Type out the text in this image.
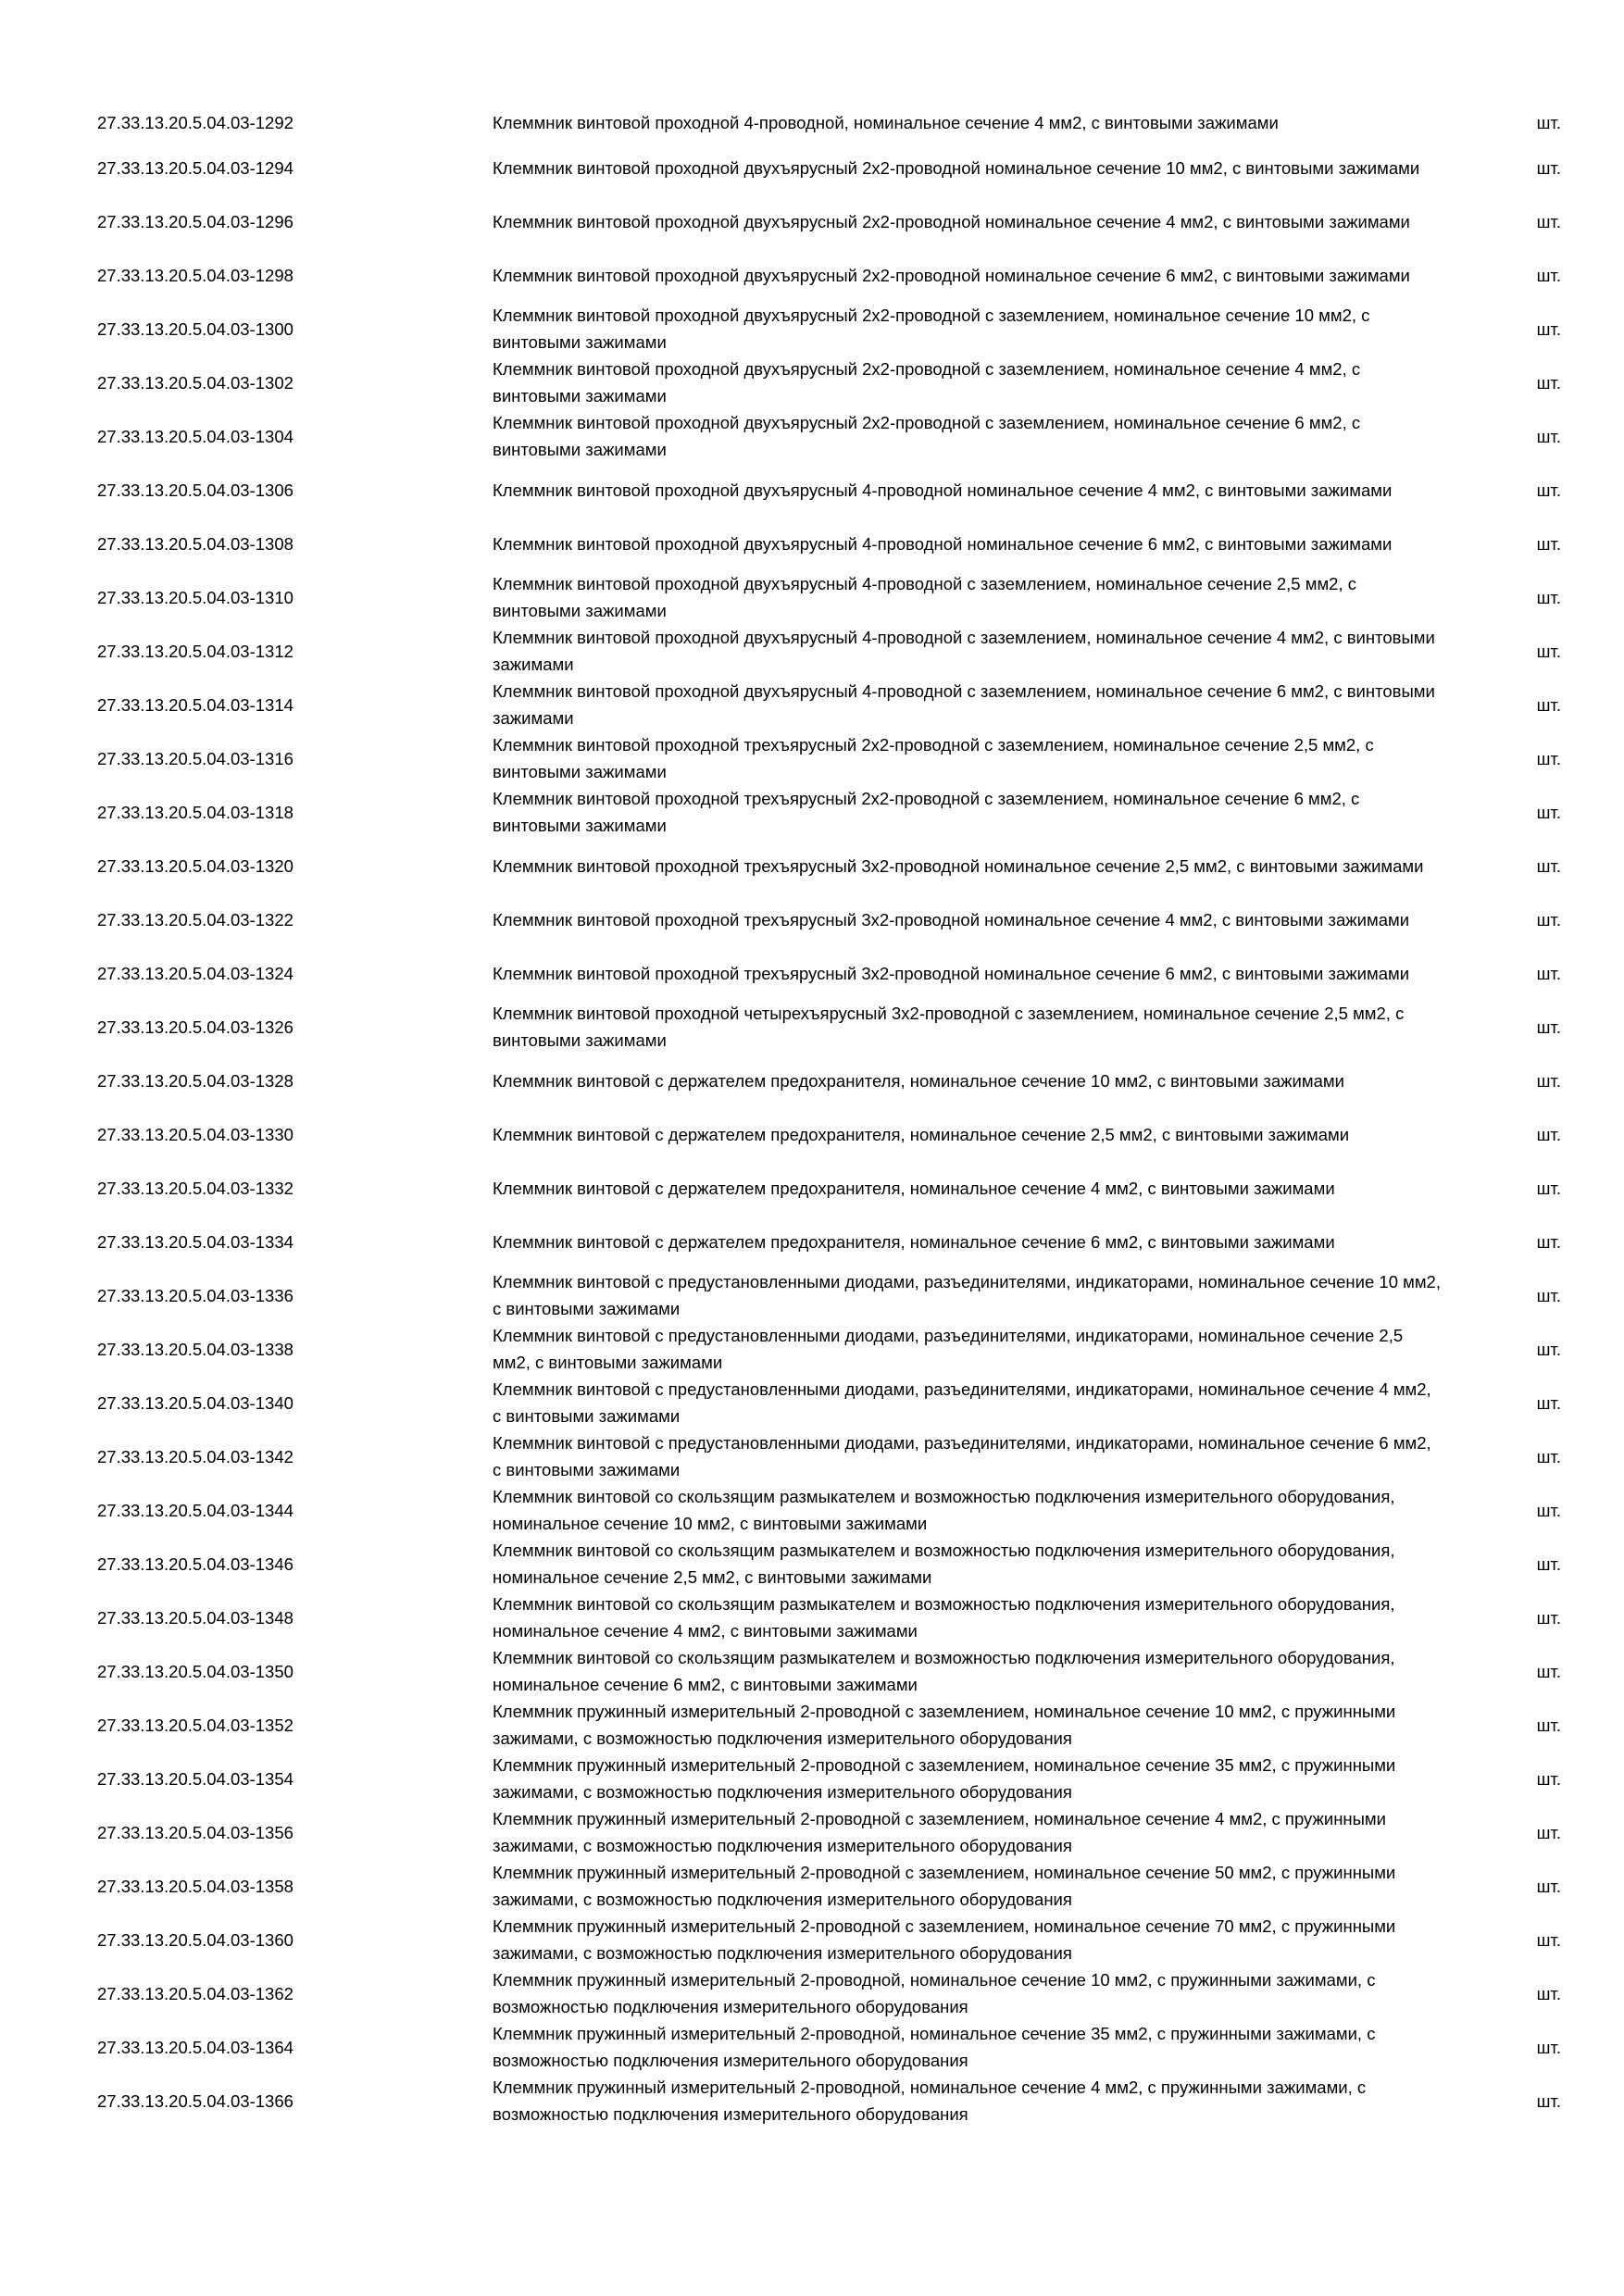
27.33.13.20.5.04.03-1292	Клеммник винтовой проходной 4-проводной, номинальное сечение 4 мм2, с винтовыми зажимами	шт.
27.33.13.20.5.04.03-1294	Клеммник винтовой проходной двухъярусный 2х2-проводной номинальное сечение 10 мм2, с винтовыми зажимами	шт.
27.33.13.20.5.04.03-1296	Клеммник винтовой проходной двухъярусный 2х2-проводной номинальное сечение 4 мм2, с винтовыми зажимами	шт.
27.33.13.20.5.04.03-1298	Клеммник винтовой проходной двухъярусный 2х2-проводной номинальное сечение 6 мм2, с винтовыми зажимами	шт.
27.33.13.20.5.04.03-1300	Клеммник винтовой проходной двухъярусный 2х2-проводной с заземлением, номинальное сечение 10 мм2, с винтовыми зажимами	шт.
27.33.13.20.5.04.03-1302	Клеммник винтовой проходной двухъярусный 2х2-проводной с заземлением, номинальное сечение 4 мм2, с винтовыми зажимами	шт.
27.33.13.20.5.04.03-1304	Клеммник винтовой проходной двухъярусный 2х2-проводной с заземлением, номинальное сечение 6 мм2, с винтовыми зажимами	шт.
27.33.13.20.5.04.03-1306	Клеммник винтовой проходной двухъярусный 4-проводной номинальное сечение 4 мм2, с винтовыми зажимами	шт.
27.33.13.20.5.04.03-1308	Клеммник винтовой проходной двухъярусный 4-проводной номинальное сечение 6 мм2, с винтовыми зажимами	шт.
27.33.13.20.5.04.03-1310	Клеммник винтовой проходной двухъярусный 4-проводной с заземлением, номинальное сечение 2,5 мм2, с винтовыми зажимами	шт.
27.33.13.20.5.04.03-1312	Клеммник винтовой проходной двухъярусный 4-проводной с заземлением, номинальное сечение 4 мм2, с винтовыми зажимами	шт.
27.33.13.20.5.04.03-1314	Клеммник винтовой проходной двухъярусный 4-проводной с заземлением, номинальное сечение 6 мм2, с винтовыми зажимами	шт.
27.33.13.20.5.04.03-1316	Клеммник винтовой проходной трехъярусный 2х2-проводной с заземлением, номинальное сечение 2,5 мм2, с винтовыми зажимами	шт.
27.33.13.20.5.04.03-1318	Клеммник винтовой проходной трехъярусный 2х2-проводной с заземлением, номинальное сечение 6 мм2, с винтовыми зажимами	шт.
27.33.13.20.5.04.03-1320	Клеммник винтовой проходной трехъярусный 3х2-проводной номинальное сечение 2,5 мм2, с винтовыми зажимами	шт.
27.33.13.20.5.04.03-1322	Клеммник винтовой проходной трехъярусный 3х2-проводной номинальное сечение 4 мм2, с винтовыми зажимами	шт.
27.33.13.20.5.04.03-1324	Клеммник винтовой проходной трехъярусный 3х2-проводной номинальное сечение 6 мм2, с винтовыми зажимами	шт.
27.33.13.20.5.04.03-1326	Клеммник винтовой проходной четырехъярусный 3х2-проводной с заземлением, номинальное сечение 2,5 мм2, с винтовыми зажимами	шт.
27.33.13.20.5.04.03-1328	Клеммник винтовой с держателем предохранителя, номинальное сечение 10 мм2, с винтовыми зажимами	шт.
27.33.13.20.5.04.03-1330	Клеммник винтовой с держателем предохранителя, номинальное сечение 2,5 мм2, с винтовыми зажимами	шт.
27.33.13.20.5.04.03-1332	Клеммник винтовой с держателем предохранителя, номинальное сечение 4 мм2, с винтовыми зажимами	шт.
27.33.13.20.5.04.03-1334	Клеммник винтовой с держателем предохранителя, номинальное сечение 6 мм2, с винтовыми зажимами	шт.
27.33.13.20.5.04.03-1336	Клеммник винтовой с предустановленными диодами, разъединителями, индикаторами, номинальное сечение 10 мм2, с винтовыми зажимами	шт.
27.33.13.20.5.04.03-1338	Клеммник винтовой с предустановленными диодами, разъединителями, индикаторами, номинальное сечение 2,5 мм2, с винтовыми зажимами	шт.
27.33.13.20.5.04.03-1340	Клеммник винтовой с предустановленными диодами, разъединителями, индикаторами, номинальное сечение 4 мм2, с винтовыми зажимами	шт.
27.33.13.20.5.04.03-1342	Клеммник винтовой с предустановленными диодами, разъединителями, индикаторами, номинальное сечение 6 мм2, с винтовыми зажимами	шт.
27.33.13.20.5.04.03-1344	Клеммник винтовой со скользящим размыкателем и возможностью подключения измерительного оборудования, номинальное сечение 10 мм2, с винтовыми зажимами	шт.
27.33.13.20.5.04.03-1346	Клеммник винтовой со скользящим размыкателем и возможностью подключения измерительного оборудования, номинальное сечение 2,5 мм2, с винтовыми зажимами	шт.
27.33.13.20.5.04.03-1348	Клеммник винтовой со скользящим размыкателем и возможностью подключения измерительного оборудования, номинальное сечение 4 мм2, с винтовыми зажимами	шт.
27.33.13.20.5.04.03-1350	Клеммник винтовой со скользящим размыкателем и возможностью подключения измерительного оборудования, номинальное сечение 6 мм2, с винтовыми зажимами	шт.
27.33.13.20.5.04.03-1352	Клеммник пружинный измерительный 2-проводной с заземлением, номинальное сечение 10 мм2, с пружинными зажимами, с возможностью подключения измерительного оборудования	шт.
27.33.13.20.5.04.03-1354	Клеммник пружинный измерительный 2-проводной с заземлением, номинальное сечение 35 мм2, с пружинными зажимами, с возможностью подключения измерительного оборудования	шт.
27.33.13.20.5.04.03-1356	Клеммник пружинный измерительный 2-проводной с заземлением, номинальное сечение 4 мм2, с пружинными зажимами, с возможностью подключения измерительного оборудования	шт.
27.33.13.20.5.04.03-1358	Клеммник пружинный измерительный 2-проводной с заземлением, номинальное сечение 50 мм2, с пружинными зажимами, с возможностью подключения измерительного оборудования	шт.
27.33.13.20.5.04.03-1360	Клеммник пружинный измерительный 2-проводной с заземлением, номинальное сечение 70 мм2, с пружинными зажимами, с возможностью подключения измерительного оборудования	шт.
27.33.13.20.5.04.03-1362	Клеммник пружинный измерительный 2-проводной, номинальное сечение 10 мм2, с пружинными зажимами, с возможностью подключения измерительного оборудования	шт.
27.33.13.20.5.04.03-1364	Клеммник пружинный измерительный 2-проводной, номинальное сечение 35 мм2, с пружинными зажимами, с возможностью подключения измерительного оборудования	шт.
27.33.13.20.5.04.03-1366	Клеммник пружинный измерительный 2-проводной, номинальное сечение 4 мм2, с пружинными зажимами, с возможностью подключения измерительного оборудования	шт.
